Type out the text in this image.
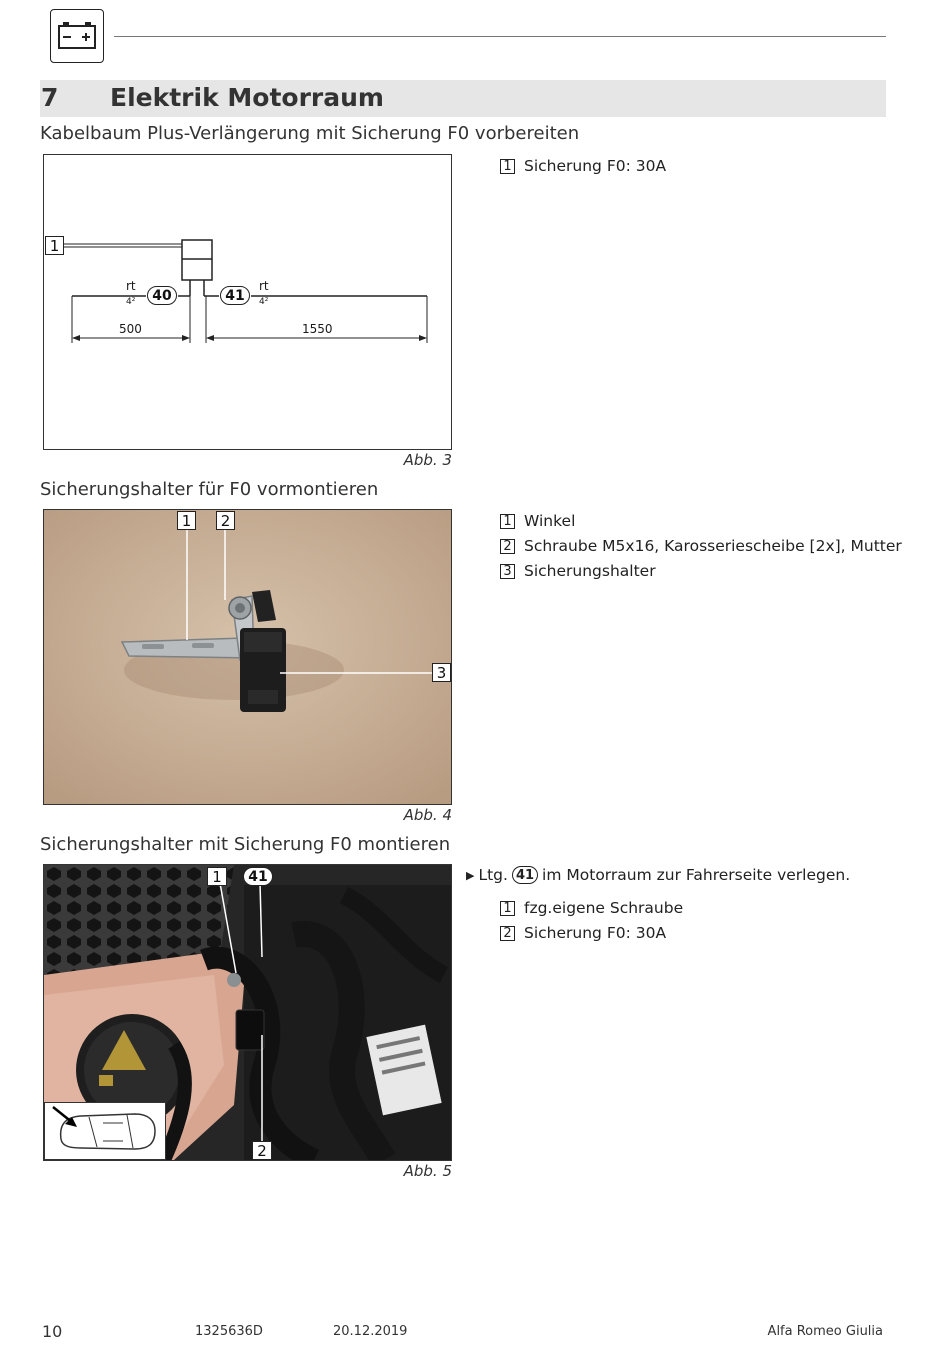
7 Elektrik Motorraum
Kabelbaum Plus-Verlängerung mit Sicherung F0 vorbereiten
1
rt
4²	40
500
41
rt
4²
1550
Abb. 3
1 Sicherung F0: 30A
Sicherungshalter für F0 vormontieren
1	2
3
Abb. 4
1 Winkel
2 Schraube M5x16, Karosseriescheibe [2x], Mutter
3 Sicherungshalter
Sicherungshalter mit Sicherung F0 montieren
1	41
2
Abb. 5
▶ Ltg. 41 im Motorraum zur Fahrerseite verlegen.
1 fzg.eigene Schraube
2 Sicherung F0: 30A
10	1325636D	20.12.2019	Alfa Romeo Giulia
